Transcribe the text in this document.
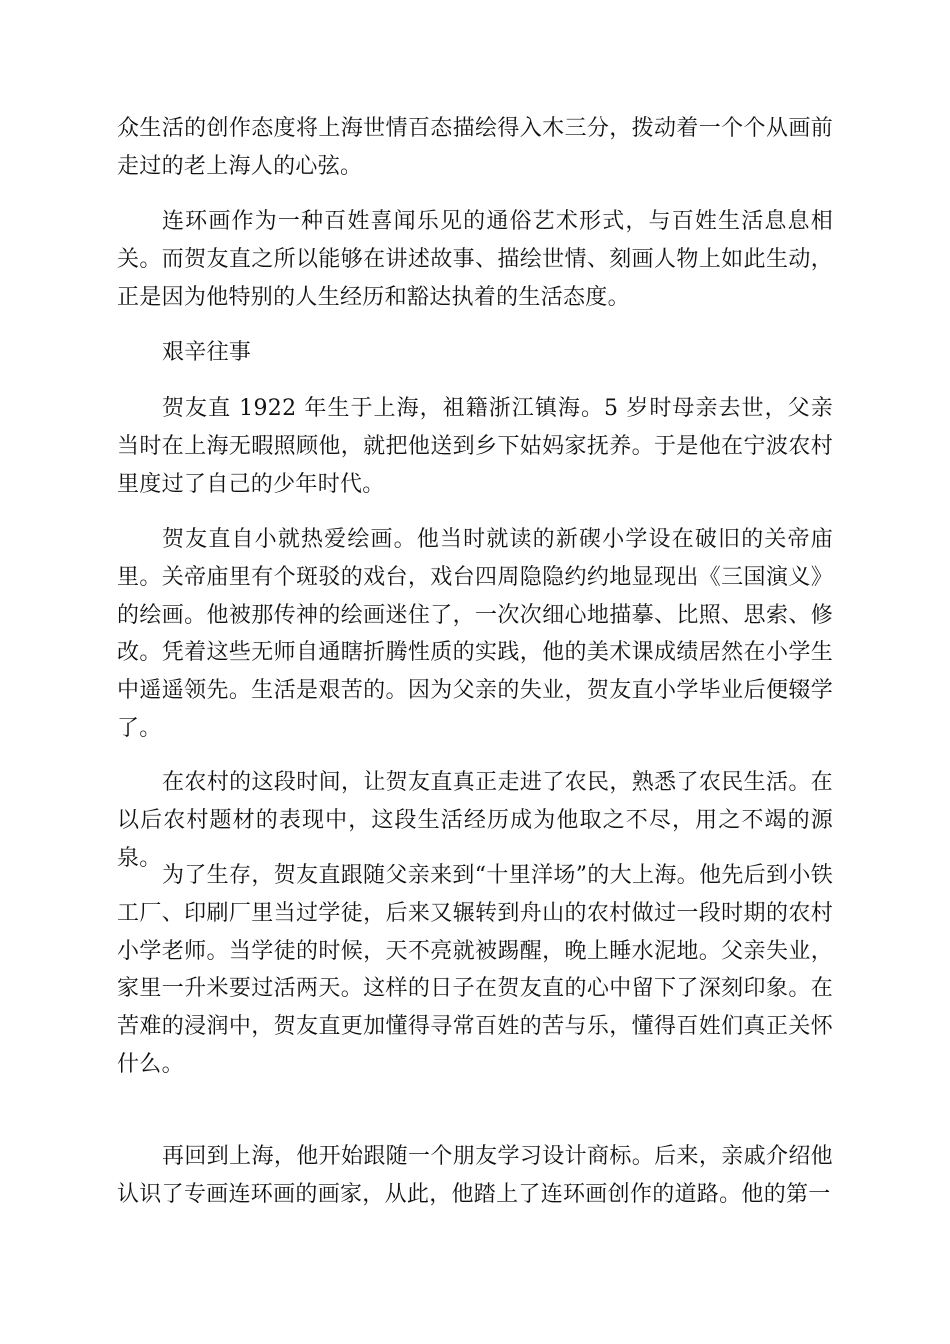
众生活的创作态度将上海世情百态描绘得入木三分，拨动着一个个从画前走过的老上海人的心弦。

连环画作为一种百姓喜闻乐见的通俗艺术形式，与百姓生活息息相关。而贺友直之所以能够在讲述故事、描绘世情、刻画人物上如此生动，正是因为他特别的人生经历和豁达执着的生活态度。

艰辛往事

贺友直 1922 年生于上海，祖籍浙江镇海。5 岁时母亲去世，父亲当时在上海无暇照顾他，就把他送到乡下姑妈家抚养。于是他在宁波农村里度过了自己的少年时代。

贺友直自小就热爱绘画。他当时就读的新碶小学设在破旧的关帝庙里。关帝庙里有个斑驳的戏台，戏台四周隐隐约约地显现出《三国演义》的绘画。他被那传神的绘画迷住了，一次次细心地描摹、比照、思索、修改。凭着这些无师自通瞎折腾性质的实践，他的美术课成绩居然在小学生中遥遥领先。生活是艰苦的。因为父亲的失业，贺友直小学毕业后便辍学了。

在农村的这段时间，让贺友直真正走进了农民，熟悉了农民生活。在以后农村题材的表现中，这段生活经历成为他取之不尽，用之不竭的源泉。

为了生存，贺友直跟随父亲来到“十里洋场”的大上海。他先后到小铁工厂、印刷厂里当过学徒，后来又辗转到舟山的农村做过一段时期的农村小学老师。当学徒的时候，天不亮就被踢醒，晚上睡水泥地。父亲失业，家里一升米要过活两天。这样的日子在贺友直的心中留下了深刻印象。在苦难的浸润中，贺友直更加懂得寻常百姓的苦与乐，懂得百姓们真正关怀什么。

再回到上海，他开始跟随一个朋友学习设计商标。后来，亲戚介绍他认识了专画连环画的画家，从此，他踏上了连环画创作的道路。他的第一
